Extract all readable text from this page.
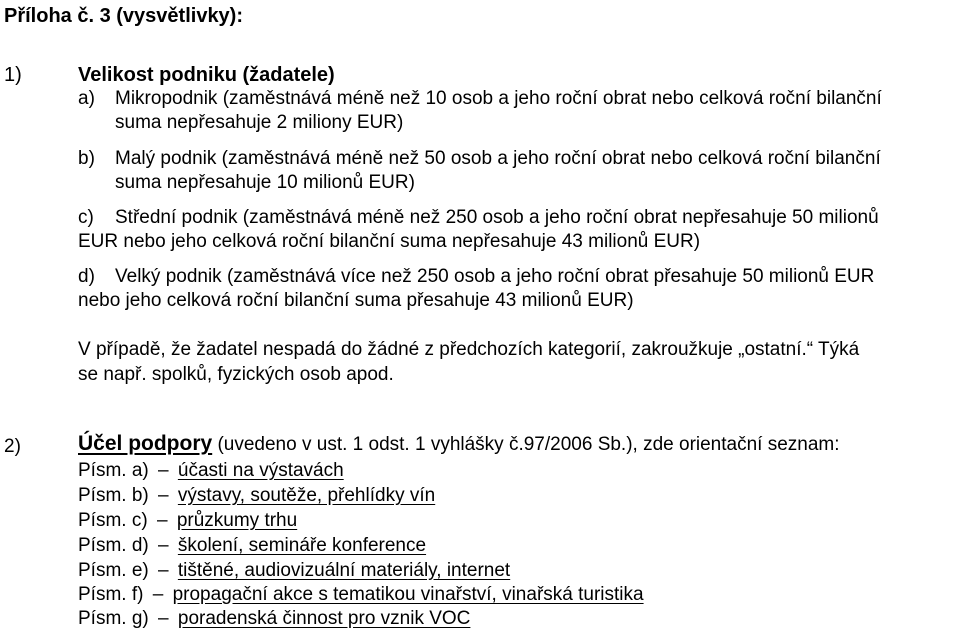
Příloha č. 3 (vysvětlivky):
1)	Velikost podniku (žadatele)
a) Mikropodnik (zaměstnává méně než 10 osob a jeho roční obrat nebo celková roční bilanční
suma nepřesahuje 2 miliony EUR)
b) Malý podnik (zaměstnává méně než 50 osob a jeho roční obrat nebo celková roční bilanční
suma nepřesahuje 10 milionů EUR)
c) Střední podnik (zaměstnává méně než 250 osob a jeho roční obrat nepřesahuje 50 milionů
EUR nebo jeho celková roční bilanční suma nepřesahuje 43 milionů EUR)
d) Velký podnik (zaměstnává více než 250 osob a jeho roční obrat přesahuje 50 milionů EUR
nebo jeho celková roční bilanční suma přesahuje 43 milionů EUR)
V případě, že žadatel nespadá do žádné z předchozích kategorií, zakroužkuje „ostatní.“ Týká
se např. spolků, fyzických osob apod.
2)	Účel podpory (uvedeno v ust. 1 odst. 1 vyhlášky č.97/2006 Sb.), zde orientační seznam:
Písm. a) – účasti na výstavách
Písm. b) – výstavy, soutěže, přehlídky vín
Písm. c) – průzkumy trhu
Písm. d) – školení, semináře konference
Písm. e) – tištěné, audiovizuální materiály, internet
Písm. f) – propagační akce s tematikou vinařství, vinařská turistika
Písm. g) – poradenská činnost pro vznik VOC
